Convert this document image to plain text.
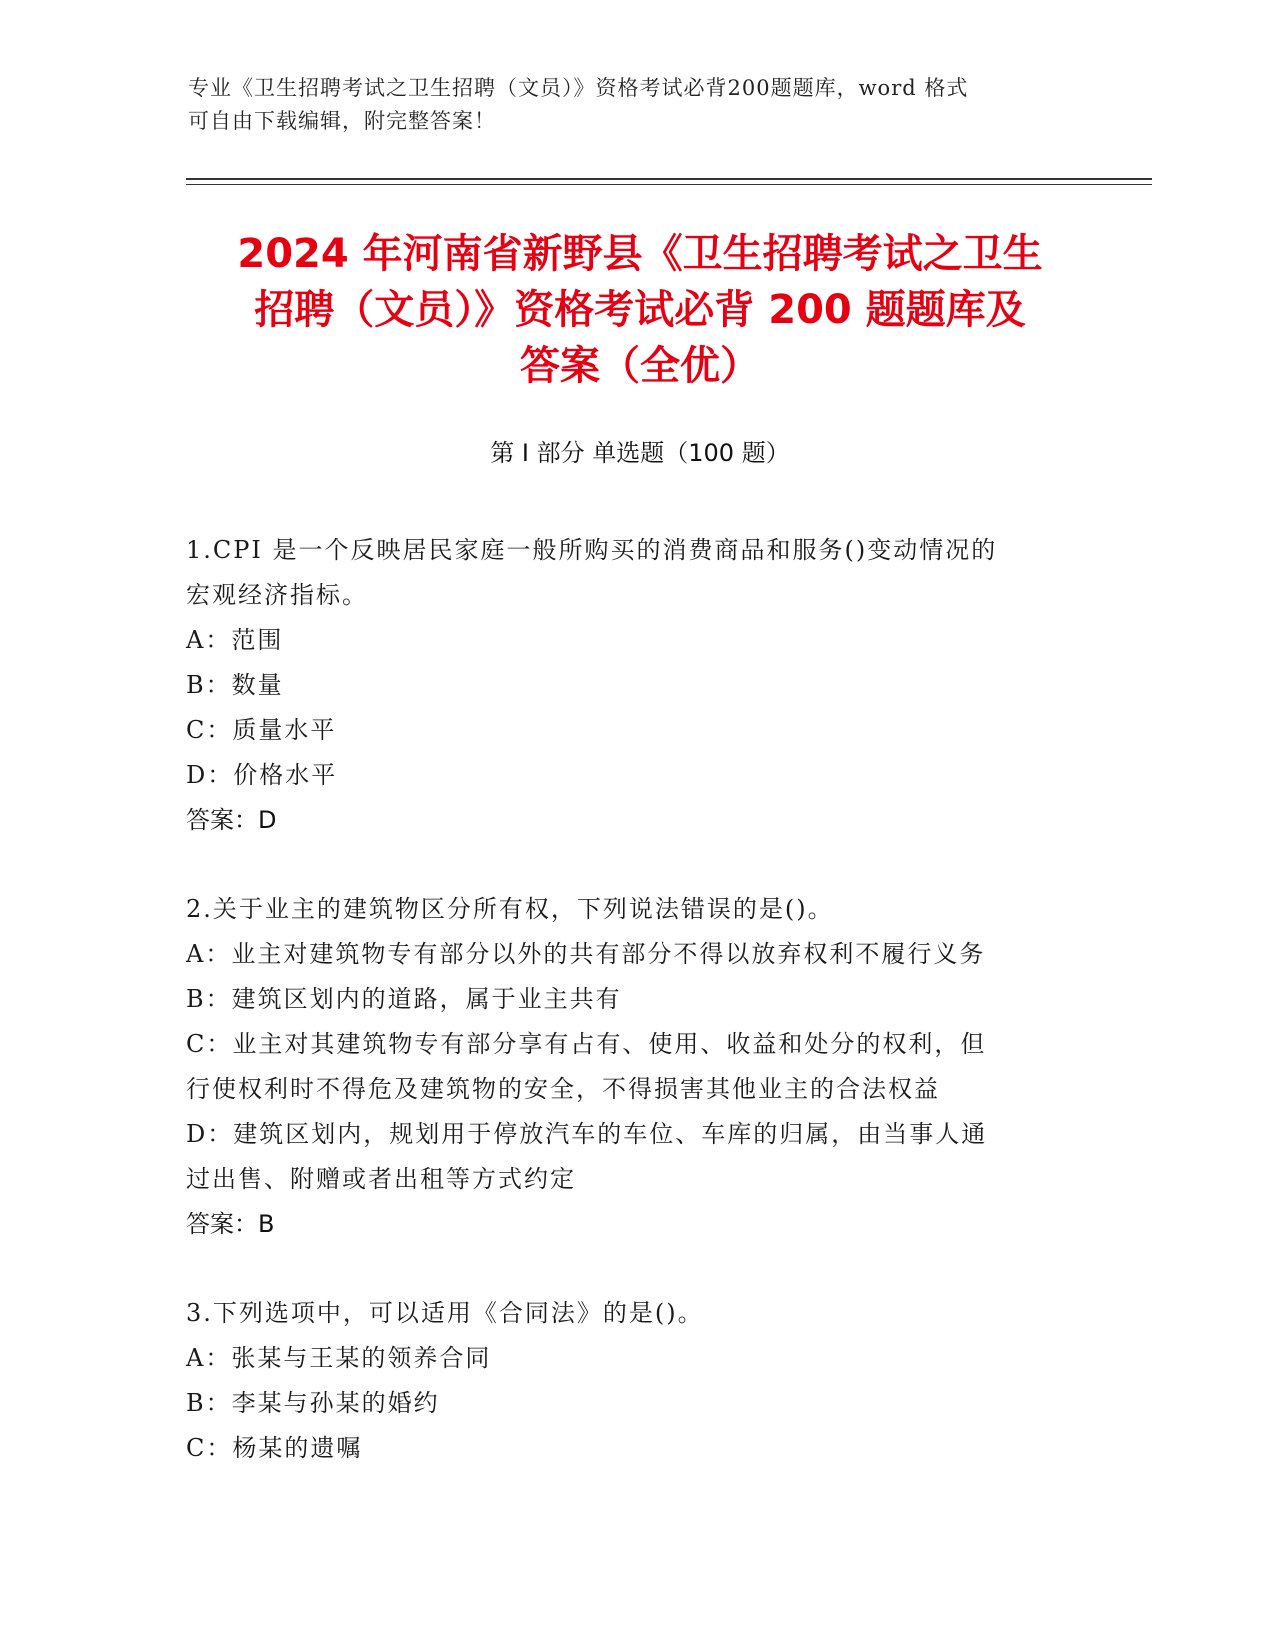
专业《卫生招聘考试之卫生招聘（文员）》资格考试必背200题题库，word 格式
可自由下载编辑，附完整答案！
2024 年河南省新野县《卫生招聘考试之卫生
招聘（文员）》资格考试必背 200 题题库及
答案（全优）
第 I 部分 单选题（100 题）
1.CPI 是一个反映居民家庭一般所购买的消费商品和服务()变动情况的
宏观经济指标。
A：范围
B：数量
C：质量水平
D：价格水平
答案：D
2.关于业主的建筑物区分所有权，下列说法错误的是()。
A：业主对建筑物专有部分以外的共有部分不得以放弃权利不履行义务
B：建筑区划内的道路，属于业主共有
C：业主对其建筑物专有部分享有占有、使用、收益和处分的权利，但
行使权利时不得危及建筑物的安全，不得损害其他业主的合法权益
D：建筑区划内，规划用于停放汽车的车位、车库的归属，由当事人通
过出售、附赠或者出租等方式约定
答案：B
3.下列选项中，可以适用《合同法》的是()。
A：张某与王某的领养合同
B：李某与孙某的婚约
C：杨某的遗嘱
